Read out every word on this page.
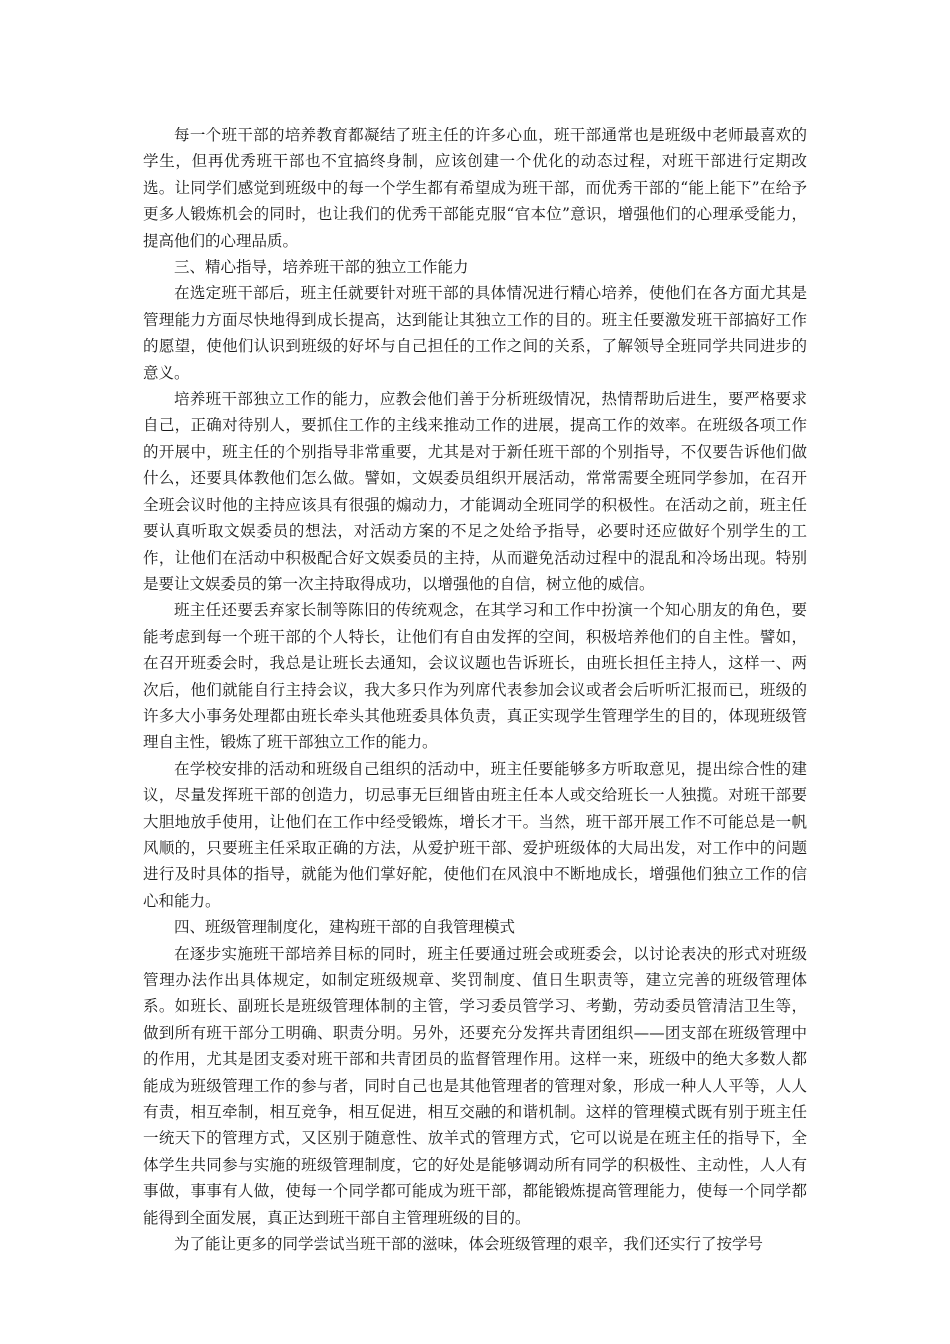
每一个班干部的培养教育都凝结了班主任的许多心血，班干部通常也是班级中老师最喜欢的学生，但再优秀班干部也不宜搞终身制，应该创建一个优化的动态过程，对班干部进行定期改选。让同学们感觉到班级中的每一个学生都有希望成为班干部，而优秀干部的“能上能下”在给予更多人锻炼机会的同时，也让我们的优秀干部能克服“官本位”意识，增强他们的心理承受能力，提高他们的心理品质。

三、精心指导，培养班干部的独立工作能力

在选定班干部后，班主任就要针对班干部的具体情况进行精心培养，使他们在各方面尤其是管理能力方面尽快地得到成长提高，达到能让其独立工作的目的。班主任要激发班干部搞好工作的愿望，使他们认识到班级的好坏与自己担任的工作之间的关系，了解领导全班同学共同进步的意义。

培养班干部独立工作的能力，应教会他们善于分析班级情况，热情帮助后进生，要严格要求自己，正确对待别人，要抓住工作的主线来推动工作的进展，提高工作的效率。在班级各项工作的开展中，班主任的个别指导非常重要，尤其是对于新任班干部的个别指导，不仅要告诉他们做什么，还要具体教他们怎么做。譬如，文娱委员组织开展活动，常常需要全班同学参加，在召开全班会议时他的主持应该具有很强的煽动力，才能调动全班同学的积极性。在活动之前，班主任要认真听取文娱委员的想法，对活动方案的不足之处给予指导，必要时还应做好个别学生的工作，让他们在活动中积极配合好文娱委员的主持，从而避免活动过程中的混乱和冷场出现。特别是要让文娱委员的第一次主持取得成功，以增强他的自信，树立他的威信。

班主任还要丢弃家长制等陈旧的传统观念，在其学习和工作中扮演一个知心朋友的角色，要能考虑到每一个班干部的个人特长，让他们有自由发挥的空间，积极培养他们的自主性。譬如，在召开班委会时，我总是让班长去通知，会议议题也告诉班长，由班长担任主持人，这样一、两次后，他们就能自行主持会议，我大多只作为列席代表参加会议或者会后听听汇报而已，班级的许多大小事务处理都由班长牵头其他班委具体负责，真正实现学生管理学生的目的，体现班级管理自主性，锻炼了班干部独立工作的能力。

在学校安排的活动和班级自己组织的活动中，班主任要能够多方听取意见，提出综合性的建议，尽量发挥班干部的创造力，切忌事无巨细皆由班主任本人或交给班长一人独揽。对班干部要大胆地放手使用，让他们在工作中经受锻炼，增长才干。当然，班干部开展工作不可能总是一帆风顺的，只要班主任采取正确的方法，从爱护班干部、爱护班级体的大局出发，对工作中的问题进行及时具体的指导，就能为他们掌好舵，使他们在风浪中不断地成长，增强他们独立工作的信心和能力。

四、班级管理制度化，建构班干部的自我管理模式

在逐步实施班干部培养目标的同时，班主任要通过班会或班委会，以讨论表决的形式对班级管理办法作出具体规定，如制定班级规章、奖罚制度、值日生职责等，建立完善的班级管理体系。如班长、副班长是班级管理体制的主管，学习委员管学习、考勤，劳动委员管清洁卫生等，做到所有班干部分工明确、职责分明。另外，还要充分发挥共青团组织——团支部在班级管理中的作用，尤其是团支委对班干部和共青团员的监督管理作用。这样一来，班级中的绝大多数人都能成为班级管理工作的参与者，同时自己也是其他管理者的管理对象，形成一种人人平等，人人有责，相互牵制，相互竞争，相互促进，相互交融的和谐机制。这样的管理模式既有别于班主任一统天下的管理方式，又区别于随意性、放羊式的管理方式，它可以说是在班主任的指导下，全体学生共同参与实施的班级管理制度，它的好处是能够调动所有同学的积极性、主动性，人人有事做，事事有人做，使每一个同学都可能成为班干部，都能锻炼提高管理能力，使每一个同学都能得到全面发展，真正达到班干部自主管理班级的目的。

为了能让更多的同学尝试当班干部的滋味，体会班级管理的艰辛，我们还实行了按学号
